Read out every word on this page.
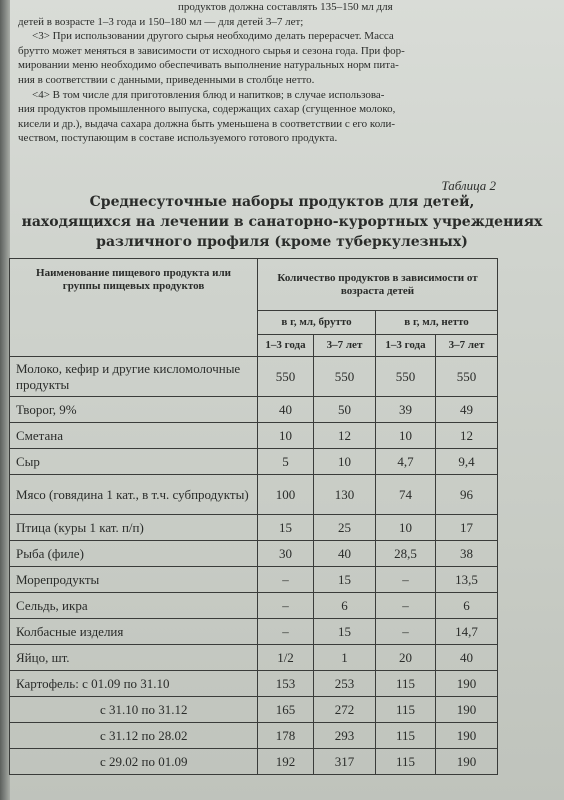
продуктов должна составлять 135–150 мл для

детей в возрасте 1–3 года и 150–180 мл — для детей 3–7 лет;

<3> При использовании другого сырья необходимо делать перерасчет. Масса

брутто может меняться в зависимости от исходного сырья и сезона года. При фор-

мировании меню необходимо обеспечивать выполнение натуральных норм пита-

ния в соответствии с данными, приведенными в столбце нетто.

<4> В том числе для приготовления блюд и напитков; в случае использова-

ния продуктов промышленного выпуска, содержащих сахар (сгущенное молоко,

кисели и др.), выдача сахара должна быть уменьшена в соответствии с его коли-

чеством, поступающим в составе используемого готового продукта.

Таблица 2
Среднесуточные наборы продуктов для детей,
находящихся на лечении в санаторно-курортных учреждениях
различного профиля (кроме туберкулезных)
Наименование пищевого продукта или группы пищевых продуктов	Количество продуктов в зависимости от возраста детей			
	в г, мл, брутто		в г, мл, нетто	
	1–3 года	3–7 лет	1–3 года	3–7 лет
Молоко, кефир и другие кисломолочные продукты	550	550	550	550
Творог, 9%	40	50	39	49
Сметана	10	12	10	12
Сыр	5	10	4,7	9,4
Мясо (говядина 1 кат., в т.ч. субпродукты)	100	130	74	96
Птица (куры 1 кат. п/п)	15	25	10	17
Рыба (филе)	30	40	28,5	38
Морепродукты	–	15	–	13,5
Сельдь, икра	–	6	–	6
Колбасные изделия	–	15	–	14,7
Яйцо, шт.	1/2	1	20	40
Картофель: с 01.09 по 31.10	153	253	115	190
с 31.10 по 31.12	165	272	115	190
с 31.12 по 28.02	178	293	115	190
с 29.02 по 01.09	192	317	115	190
